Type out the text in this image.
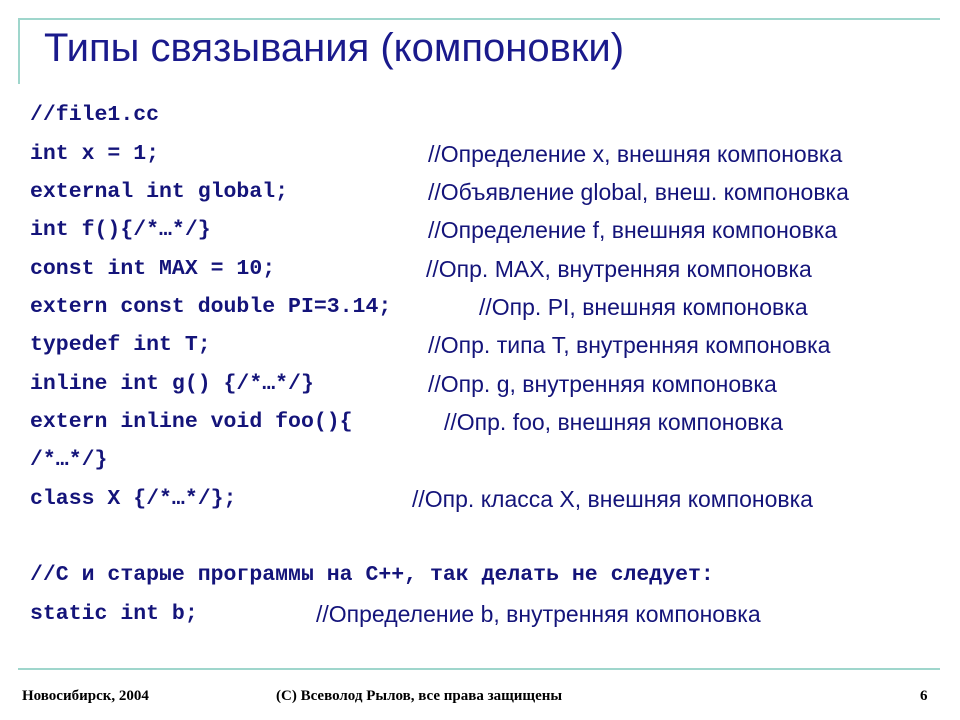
Типы связывания (компоновки)
//file1.cc
int x = 1;	//Определение x, внешняя компоновка
external int global;	//Объявление global, внеш. компоновка
int f(){/*…*/}	//Определение f, внешняя компоновка
const int MAX = 10;	//Опр. MAX, внутренняя компоновка
extern const double PI=3.14;	//Опр. PI, внешняя компоновка
typedef int T;	//Опр. типа T, внутренняя компоновка
inline int g() {/*…*/}	//Опр. g, внутренняя компоновка
extern inline void foo(){	//Опр. foo, внешняя компоновка
/*…*/}
class X {/*…*/};	//Опр. класса X, внешняя компоновка
//C и старые программы на C++, так делать не следует:
static int b;	//Определение b, внутренняя компоновка
Новосибирск, 2004	(C) Всеволод Рылов, все права защищены	6
